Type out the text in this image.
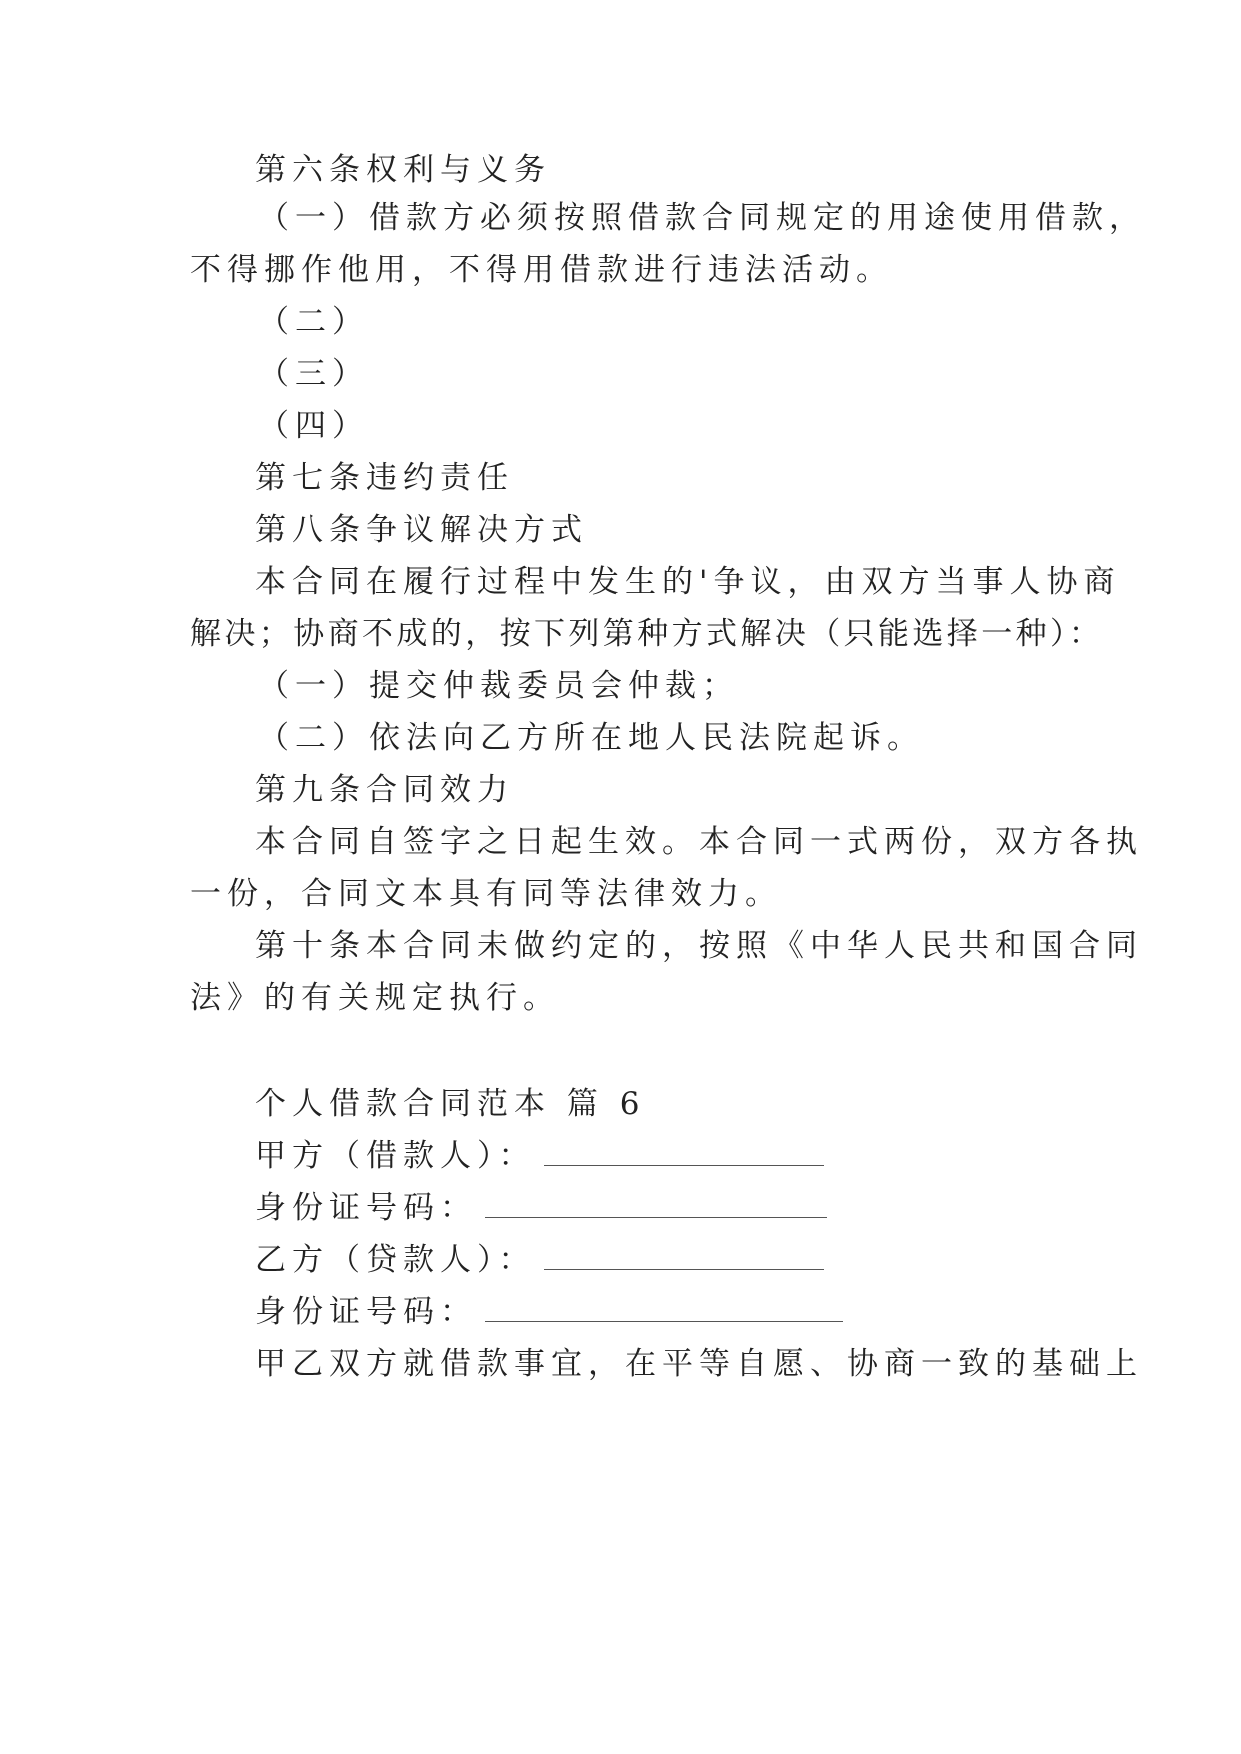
第六条权利与义务
（一）借款方必须按照借款合同规定的用途使用借款，
不得挪作他用，不得用借款进行违法活动。
（二）
（三）
（四）
第七条违约责任
第八条争议解决方式
本合同在履行过程中发生的'争议，由双方当事人协商
解决；协商不成的，按下列第种方式解决（只能选择一种）：
（一）提交仲裁委员会仲裁；
（二）依法向乙方所在地人民法院起诉。
第九条合同效力
本合同自签字之日起生效。本合同一式两份，双方各执
一份，合同文本具有同等法律效力。
第十条本合同未做约定的，按照《中华人民共和国合同
法》的有关规定执行。
个人借款合同范本 篇 6
甲方（借款人）：
身份证号码：
乙方（贷款人）：
身份证号码：
甲乙双方就借款事宜，在平等自愿、协商一致的基础上
